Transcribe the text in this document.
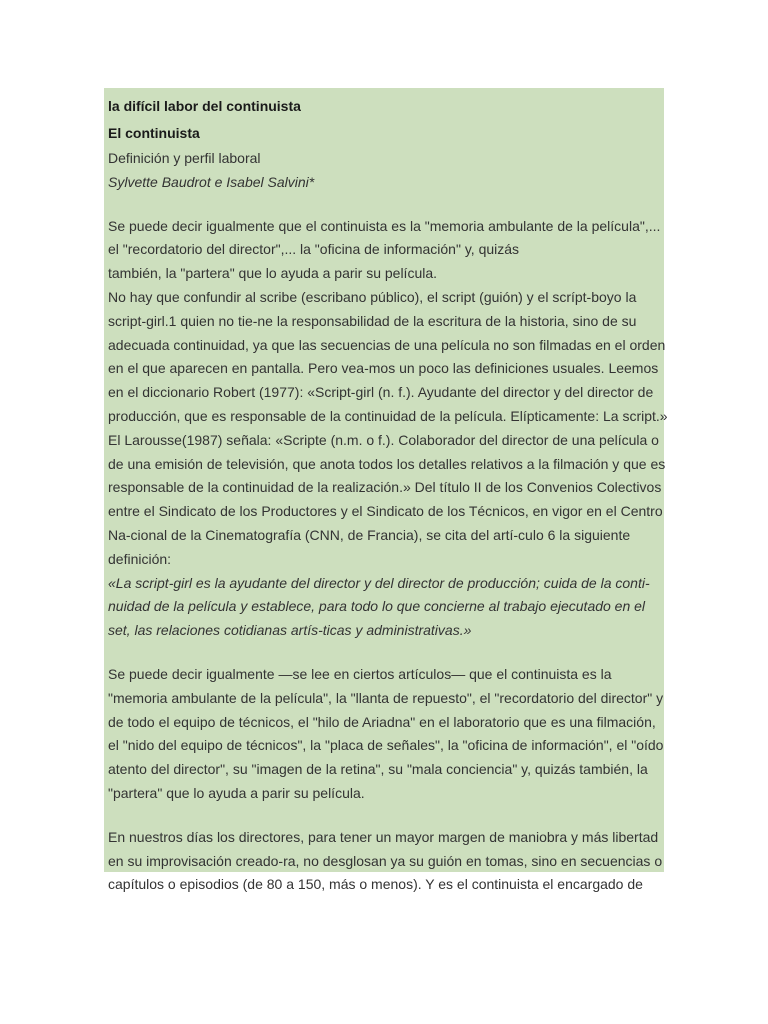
la difícil labor del continuista
El continuista
Definición y perfil laboral
Sylvette Baudrot e Isabel Salvini*
Se puede decir igualmente que el continuista es la "memoria ambulante de la película",...
el "recordatorio del director",... la "oficina de información" y, quizás
también, la "partera" que lo ayuda a parir su película.
No hay que confundir al scribe (escribano público), el script (guión) y el scrípt-boyo la
script-girl.1 quien no tie-ne la responsabilidad de la escritura de la historia, sino de su
adecuada continuidad, ya que las secuencias de una película no son filmadas en el orden
en el que aparecen en pantalla. Pero vea-mos un poco las definiciones usuales. Leemos
en el diccionario Robert (1977): «Script-girl (n. f.). Ayudante del director y del director de
producción, que es responsable de la continuidad de la película. Elípticamente: La script.»
El Larousse(1987) señala: «Scripte (n.m. o f.). Colaborador del director de una película o
de una emisión de televisión, que anota todos los detalles relativos a la filmación y que es
responsable de la continuidad de la realización.» Del título II de los Convenios Colectivos
entre el Sindicato de los Productores y el Sindicato de los Técnicos, en vigor en el Centro
Na-cional de la Cinematografía (CNN, de Francia), se cita del artí-culo 6 la siguiente
definición:
«La script-girl es la ayudante del director y del director de producción; cuida de la conti-
nuidad de la película y establece, para todo lo que concierne al trabajo ejecutado en el
set, las relaciones cotidianas artís-ticas y administrativas.»
Se puede decir igualmente —se lee en ciertos artículos— que el continuista es la
"memoria ambulante de la película", la "llanta de repuesto", el "recordatorio del director" y
de todo el equipo de técnicos, el "hilo de Ariadna" en el laboratorio que es una filmación,
el "nido del equipo de técnicos", la "placa de señales", la "oficina de información", el "oído
atento del director", su "imagen de la retina", su "mala conciencia" y, quizás también, la
"partera" que lo ayuda a parir su película.
En nuestros días los directores, para tener un mayor margen de maniobra y más libertad
en su improvisación creado-ra, no desglosan ya su guión en tomas, sino en secuencias o
capítulos o episodios (de 80 a 150, más o menos). Y es el continuista el encargado de
